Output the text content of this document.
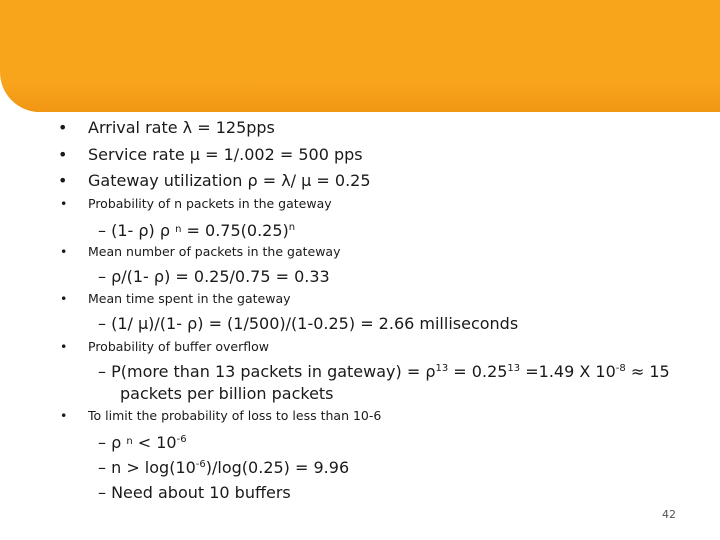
• Arrival rate λ = 125pps
• Service rate μ = 1/.002 = 500 pps
• Gateway utilization ρ = λ/ μ = 0.25
• Probability of n packets in the gateway
– (1- ρ) ρ $^n = 0.75(0.25)^n$
• Mean number of packets in the gateway
– ρ/(1- ρ) = 0.25/0.75 = 0.33
• Mean time spent in the gateway
– (1/ μ)/(1- ρ) = (1/500)/(1-0.25) = 2.66 milliseconds
• Probability of buffer overflow
– P(more than 13 packets in gateway) = $\rho^{13} = 0.25^{13} =1.49$ X $10^{-8} \approx 15$
packets per billion packets
• To limit the probability of loss to less than 10-6
– ρ $^n < 10^{-6}$
– $n > \log(10^{-6})/\log(0.25) = 9.96$
– Need about 10 buffers
42
